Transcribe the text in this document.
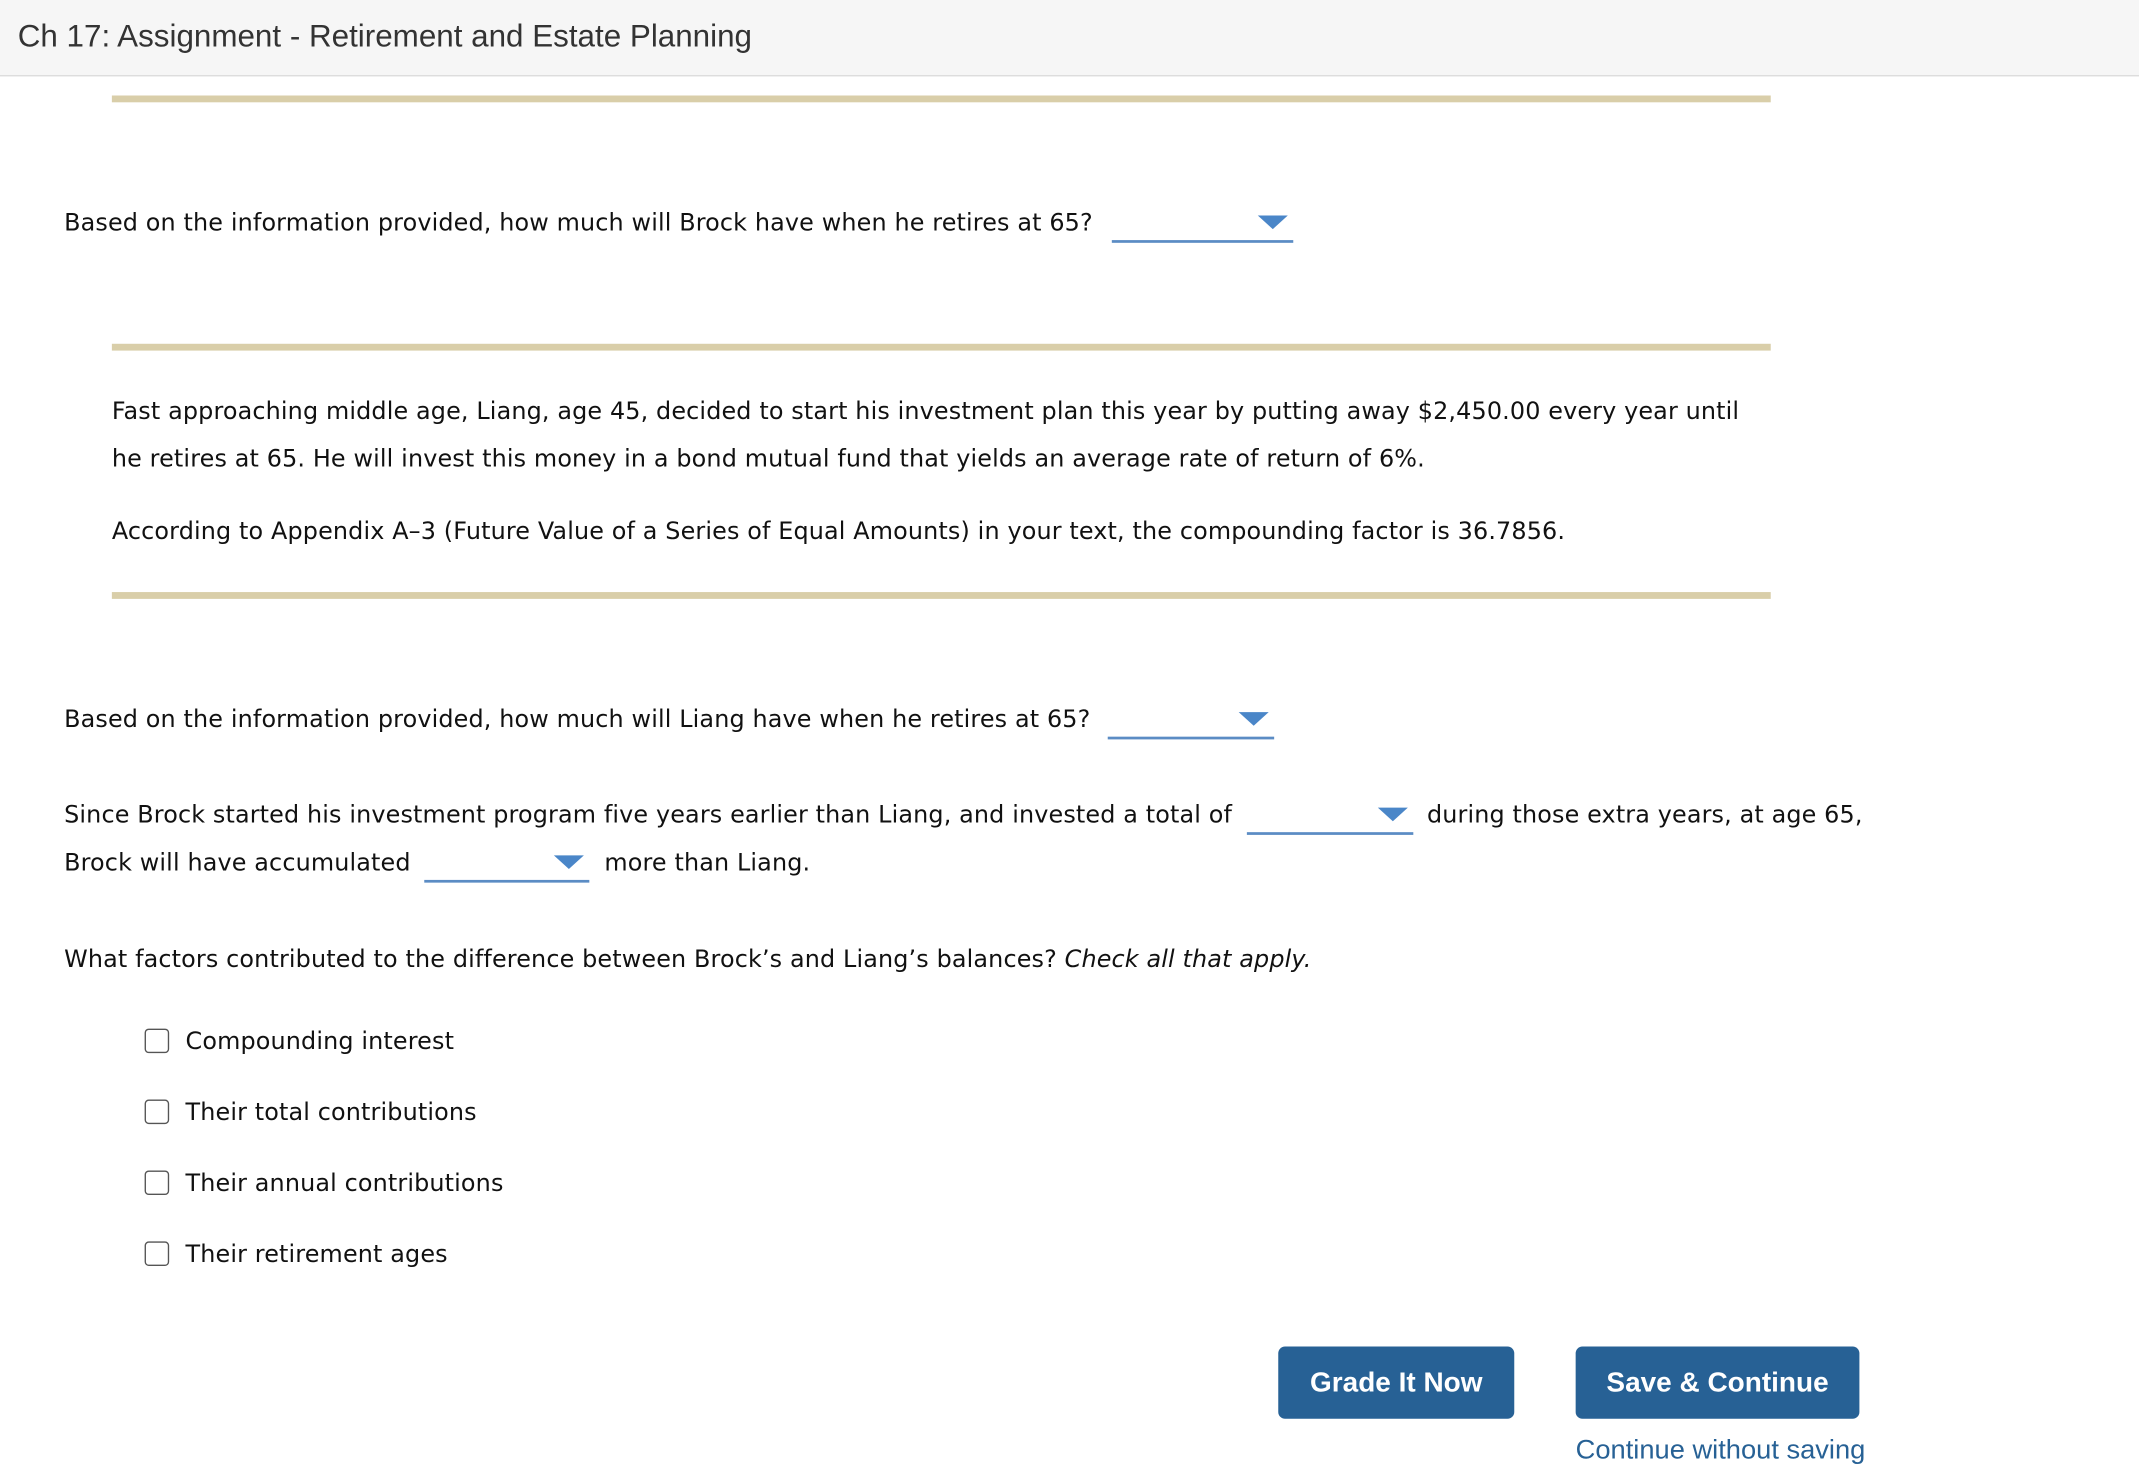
Ch 17: Assignment - Retirement and Estate Planning
Based on the information provided, how much will Brock have when he retires at 65?
Fast approaching middle age, Liang, age 45, decided to start his investment plan this year by putting away $2,450.00 every year until
he retires at 65. He will invest this money in a bond mutual fund that yields an average rate of return of 6%.
According to Appendix A–3 (Future Value of a Series of Equal Amounts) in your text, the compounding factor is 36.7856.
Based on the information provided, how much will Liang have when he retires at 65?
Since Brock started his investment program five years earlier than Liang, and invested a total of	during those extra years, at age 65,
Brock will have accumulated	more than Liang.
What factors contributed to the difference between Brock’s and Liang’s balances? Check all that apply.
Compounding interest
Their total contributions
Their annual contributions
Their retirement ages
Grade It Now	Save & Continue
Continue without saving
